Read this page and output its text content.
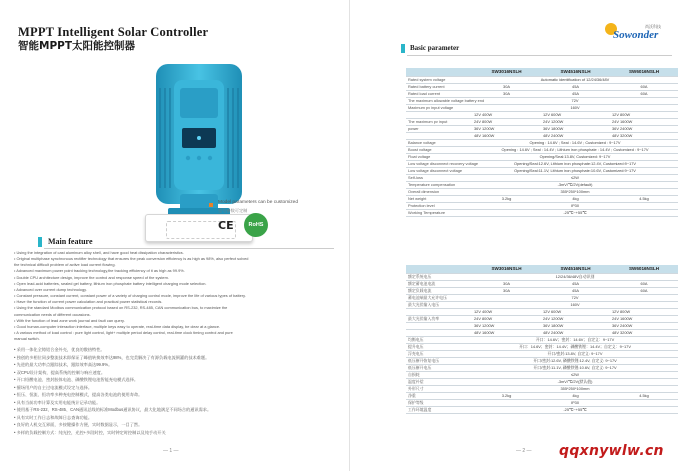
MPPT Intelligent Solar Controller
智能MPPT太阳能控制器
Model parameters can be customized
型号参数可定制
CE	RoHS
Main feature
• Using the integration of cast aluminum alloy shell, and have good heat dissipation characteristics.
• Original multiphase synchronous rectifier technology that ensures the peak conversion efficiency is as high as 98%, also perfect solved
the technical difficult problem of active load current flowing.
• Advanced maximum power point tracking technology,the tracking efficiency of it as high as 99.9%.
• Double CPU architecture design, improve the control and response speed of the system.
• Open lead-acid batteries, sealed gel battery, lithium iron phosphate battery intelligent charging mode selection.
• Advanced over current dump technology.
• Constant pressure, constant current, constant power of a variety of charging control mode, improve the life of various types of battery.
• Have the function of current power calculation and practical power statistical records.
• Using the standard Modbus communication protocol based on RS-232, RS-485, CAN communication bus, to maximize the
communication needs of different occasions.
• With the function of lead zone work journal and fault can query.
• Good human-computer interaction interface, multiple keys easy to operate, real-time data display, be clear at a glance.
• A various method of load control : pure light control, light+ multiple period delay control, real-time clock timing control and pure
manual switch.
• 采用一体化全铸铝合金外壳，优良的散热特性。
• 独创的多相位同步整流技术即保证了峰值转换效率达98%，也完美解决了有源负载电流倒灌的技术难题。
• 先进的最大功率点跟踪技术，跟踪效率高达99.9%。
• 双CPU设计架构，提高系统的控制与响应速度。
• 开口铅酸电池、密封胶体电池、磷酸铁锂电池智能充电模式选择。
• 擅场用户的自主过电流模式设定与选择。
• 恒压、恒流、恒功率多种充电控制模式，提高各类电池的使用寿命。
• 具有当前功率计算及实用电能统计记录功能。
• 使用基于RS-232、RS-485、CAN通讯总线的标准Modbus通讯协议，最大化地满足不同场合的通讯需求。
• 具有实时工作日志和故障日志查询功能。
• 良好的人机交互界面，多按键操作方便，实时数据显示，一目了然。
• 多样的负载控制方式：纯光控，光控+多段时控，实时钟定时控制以及纯手动开关
— 1 —
Sowonder
尚沃科技
Basic parameter
	SW3016NSLH	SW4516NSLH	SW6016NSLH
Rated system voltage	Automatic identification of 12/24/36/48V		
Rated battery current	30A	45A	60A
Rated load current	30A	45A	60A
The maximum allowable voltage battery end	72V		
Maximum pv input voltage	160V		
	12V 400W	12V 600W	12V 800W
The maximum pv input	24V 800W	24V 1200W	24V 1600W
power	36V 1200W	36V 1800W	36V 2400W
	48V 1600W	48V 2400W	48V 3200W
Balance voltage	Opening : 14.6V ; Seal : 14.6V ; Customized : 9~17V		
Boost voltage	Opening : 14.6V ; Seal : 14.4V ; Lithium iron phosphate : 14.4V ; Customized : 9~17V		
Float voltage	Opening/Seal:13.8V, Customized: 9~17V		
Low voltage disconnect recovery voltage	Opening/Seal:12.6V, Lithium iron phosphate:12.4V, Customized:9~17V		
Low voltage disconnect voltage	Opening/Seal:11.1V, Lithium iron phosphate:10.6V, Customized:9~17V		
Self-loss	≤2W		
Temperature compensation	-3mV/℃/2V(default)		
Overall dimension	355*250*100mm		
Net weight	3.2kg	4kg	4.5kg
Protection level	IP30		
Working Temperature	-25℃~+55℃		
	SW3016NSLH	SW4516NSLH	SW6016NSLH
额定系统电压	12/24/36/48V自动识别		
额定蓄电池电流	30A	45A	60A
额定负载电流	30A	45A	60A
蓄电池端最大允许电压	72V		
最大光伏输入电压	160V		
	12V 400W	12V 600W	12V 800W
最大光伏输入功率	24V 800W	24V 1200W	24V 1600W
	36V 1200W	36V 1800W	36V 2400W
	48V 1600W	48V 2400W	48V 3200W
均衡电压	开口：14.6V；密封：14.6V；自定义：9~17V		
提升电压	开口：14.6V；密封：14.4V；磷酸铁锂：14.4V；自定义：9~17V		
浮充电压	开口/密封:13.8V, 自定义: 9~17V		
低压断开恢复电压	开口/密封:12.6V, 磷酸铁锂:12.4V, 自定义: 9~17V		
低压断开电压	开口/密封:11.1V, 磷酸铁锂:10.6V, 自定义: 9~17V		
自损耗	≤2W		
温度补偿	-3mV/℃/2V(默认值)		
外形尺寸	355*250*100mm		
净重	3.2kg	4kg	4.5kg
保护等级	IP30		
工作环境温度	-25℃~+55℃		
— 2 — qqxnywlw.cn
